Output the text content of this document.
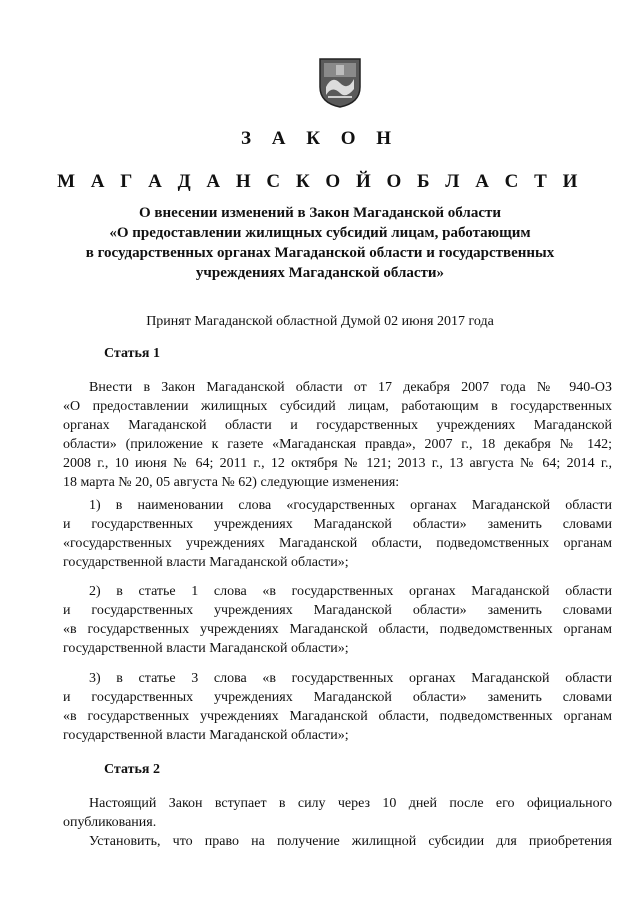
З А К О Н
М А Г А Д А Н С К О Й О Б Л А С Т И
О внесении изменений в Закон Магаданской области
«О предоставлении жилищных субсидий лицам, работающим
в государственных органах Магаданской области и государственных
учреждениях Магаданской области»
Принят Магаданской областной Думой 02 июня 2017 года
Статья 1
Внести в Закон Магаданской области от 17 декабря 2007 года № 940-ОЗ
«О предоставлении жилищных субсидий лицам, работающим в государственных
органах Магаданской области и государственных учреждениях Магаданской
области» (приложение к газете «Магаданская правда», 2007 г., 18 декабря № 142;
2008 г., 10 июня № 64; 2011 г., 12 октября № 121; 2013 г., 13 августа № 64; 2014 г.,
18 марта № 20, 05 августа № 62) следующие изменения:
1) в наименовании слова «государственных органах Магаданской области
и государственных учреждениях Магаданской области» заменить словами
«государственных учреждениях Магаданской области, подведомственных органам
государственной власти Магаданской области»;
2) в статье 1 слова «в государственных органах Магаданской области
и государственных учреждениях Магаданской области» заменить словами
«в государственных учреждениях Магаданской области, подведомственных органам
государственной власти Магаданской области»;
3) в статье 3 слова «в государственных органах Магаданской области
и государственных учреждениях Магаданской области» заменить словами
«в государственных учреждениях Магаданской области, подведомственных органам
государственной власти Магаданской области»;
Статья 2
Настоящий Закон вступает в силу через 10 дней после его официального
опубликования.
Установить, что право на получение жилищной субсидии для приобретения
